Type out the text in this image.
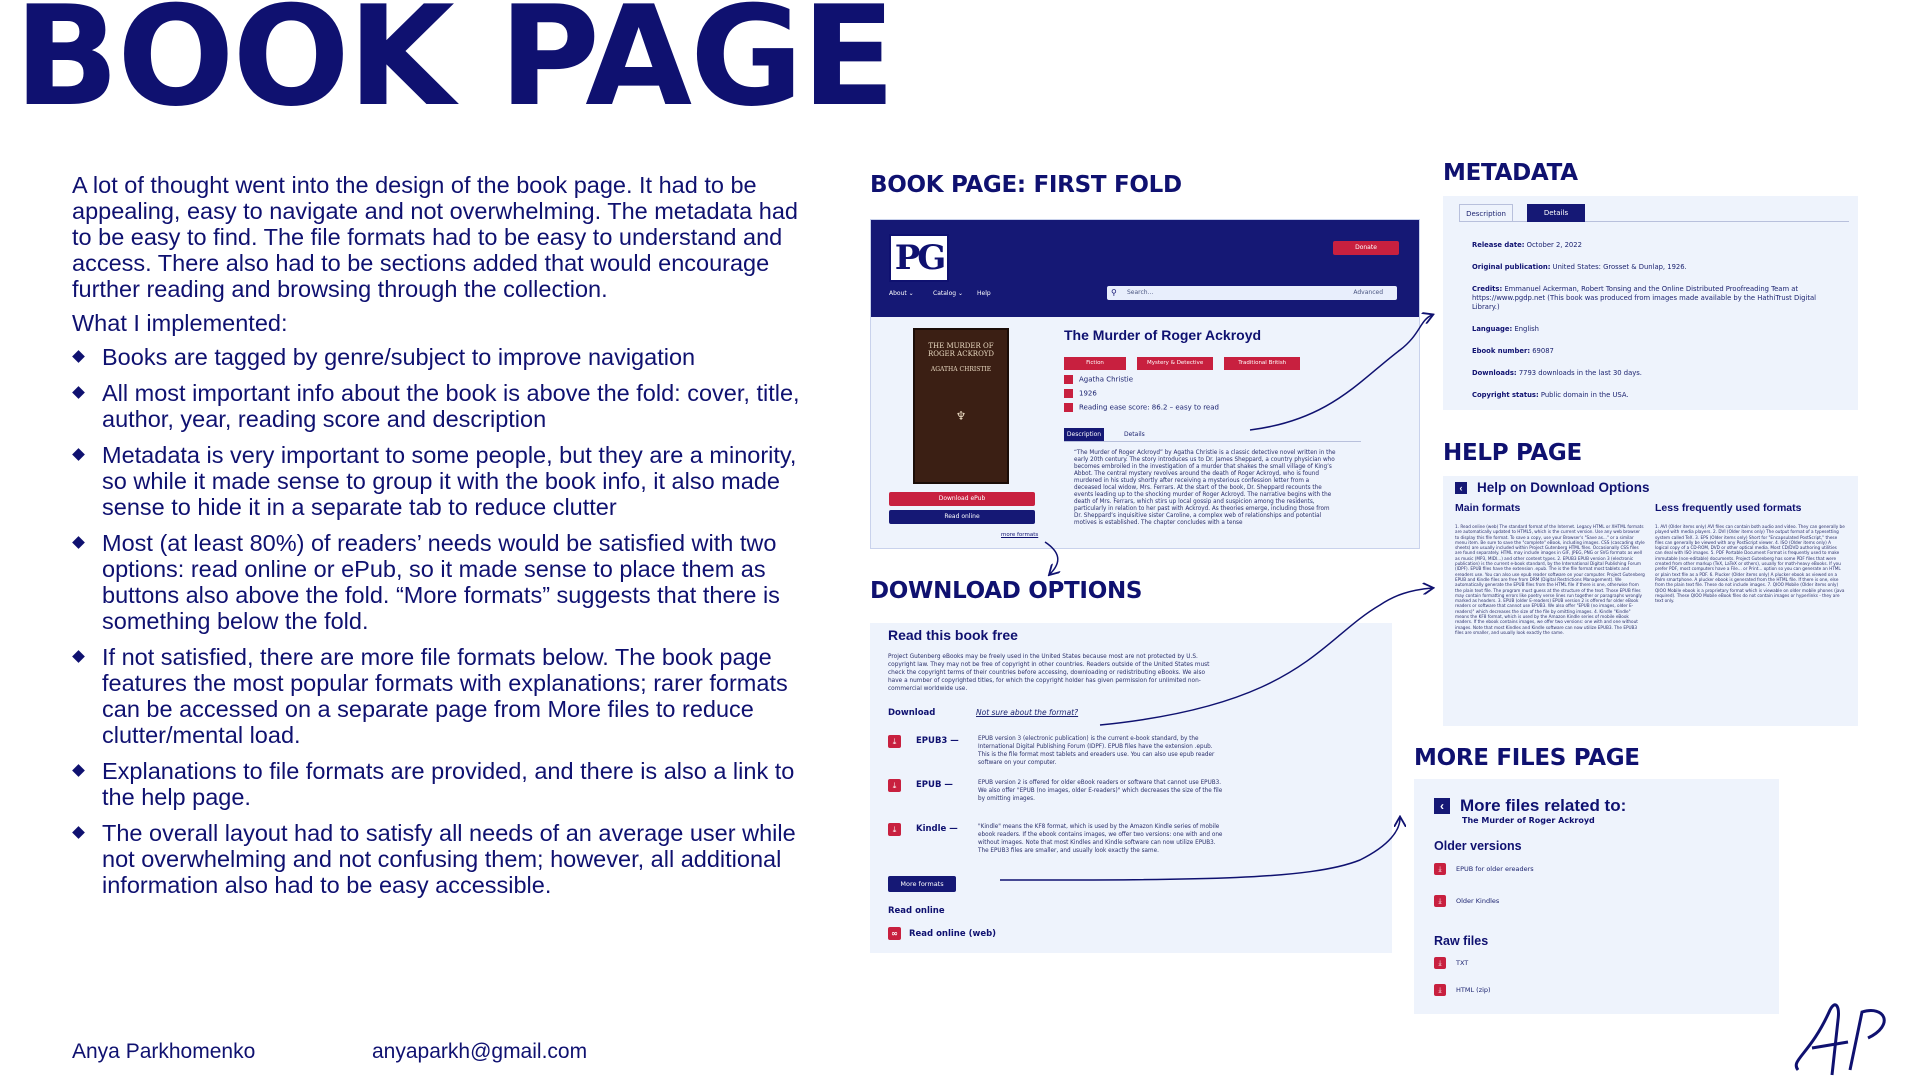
BOOK PAGE

A lot of thought went into the design of the book page. It had to be appealing, easy to navigate and not overwhelming. The metadata had to be easy to find. The file formats had to be easy to understand and access. There also had to be sections added that would encourage further reading and browsing through the collection.

What I implemented:

Books are tagged by genre/subject to improve navigation
All most important info about the book is above the fold: cover, title, author, year, reading score and description
Metadata is very important to some people, but they are a minority, so while it made sense to group it with the book info, it also made sense to hide it in a separate tab to reduce clutter
Most (at least 80%) of readers’ needs would be satisfied with two options: read online or ePub, so it made sense to place them as buttons also above the fold. “More formats” suggests that there is something below the fold.
If not satisfied, there are more file formats below. The book page features the most popular formats with explanations; rarer formats can be accessed on a separate page from More files to reduce clutter/mental load.
Explanations to file formats are provided, and there is also a link to the help page.
The overall layout had to satisfy all needs of an average user while not overwhelming and not confusing them; however, all additional information also had to be easy accessible.
Anya Parkhomenko	anyaparkh@gmail.com
BOOK PAGE: FIRST FOLD	METADATA
HELP PAGE
DOWNLOAD OPTIONS
MORE FILES PAGE
PG
About ⌄	Catalog ⌄ Help
Donate
⚲ Search...	Advanced
THE MURDER OF ROGER ACKROYD
AGATHA CHRISTIE
♆
Download ePub
Read online
more formats
The Murder of Roger Ackroyd
Fiction	Mystery & Detective	Traditional British
Agatha Christie
1926
Reading ease score: 86.2 – easy to read
Description	Details
“The Murder of Roger Ackroyd” by Agatha Christie is a classic detective novel written in the early 20th century. The story introduces us to Dr. James Sheppard, a country physician who becomes embroiled in the investigation of a murder that shakes the small village of King’s Abbot. The central mystery revolves around the death of Roger Ackroyd, who is found murdered in his study shortly after receiving a mysterious confession letter from a deceased local widow, Mrs. Ferrars. At the start of the book, Dr. Sheppard recounts the events leading up to the shocking murder of Roger Ackroyd. The narrative begins with the death of Mrs. Ferrars, which stirs up local gossip and suspicion among the residents, particularly in relation to her past with Ackroyd. As theories emerge, including those from Dr. Sheppard’s inquisitive sister Caroline, a complex web of relationships and potential motives is established. The chapter concludes with a tense
Description	Details
Release date: October 2, 2022
Original publication: United States: Grosset & Dunlap, 1926.
Credits: Emmanuel Ackerman, Robert Tonsing and the Online Distributed Proofreading Team at https://www.pgdp.net (This book was produced from images made available by the HathiTrust Digital Library.)
Language: English
Ebook number: 69087
Downloads: 7793 downloads in the last 30 days.
Copyright status: Public domain in the USA.
‹ Help on Download Options
Main formats	Less frequently used formats
1. Read online (web) The standard format of the Internet. Legacy HTML or XHTML formats are automatically updated to HTML5, which is the current version. Use any web browser to display this file format. To save a copy, use your Browser's "Save as..." or a similar menu item. Be sure to save the "complete" eBook, including images. CSS (cascading style sheets) are usually included within Project Gutenberg HTML files. Occasionally CSS files are found separately. HTML may include images in GIF, JPEG, PNG or SVG formats as well as music (MP3, MIDI...) and other content types. 2. EPUB3 EPUB version 3 (electronic publication) is the current e-book standard, by the International Digital Publishing Forum (IDPF). EPUB files have the extension .epub. The is the file format most tablets and ereaders use. You can also use epub reader software on your computer. Project Gutenberg EPUB and Kindle files are free from DRM (Digital Restrictions Management). We automatically generate the EPUB files from the HTML file if there is one, otherwise from the plain text file. The program must guess at the structure of the text. Those EPUB files may contain formatting errors like poetry verse lines run together or paragraphs wrongly marked as headers. 3. EPUB (older E-readers) EPUB version 2 is offered for older eBook readers or software that cannot use EPUB3. We also offer "EPUB (no images, older E-readers)" which decreases the size of the file by omitting images. 4. Kindle "Kindle" means the KF8 format, which is used by the Amazon Kindle series of mobile eBook readers. If the ebook contains images, we offer two versions: one with and one without images. Note that most Kindles and Kindle software can now utilize EPUB3. The EPUB3 files are smaller, and usually look exactly the same.
1. AVI (Older items only) AVI files can contain both audio and video. They can generally be played with media players. 2. DVI (Older items only) The output format of a typesetting system called TeX. 3. EPS (Older items only) Short for "Encapsulated PostScript," these files can generally be viewed with any PostScript viewer. 4. ISO (Older items only) A logical copy of a CD-ROM, DVD or other optical media. Most CD/DVD authoring utilities can deal with ISO images. 5. PDF Portable Document Format is frequently used to make immutable (non-editable) documents. Project Gutenberg has some PDF files that were created from other markup (TeX, LaTeX or others), usually for math-heavy eBooks. If you prefer PDF, most computers have a File... or Print... option so you can generate an HTML or plain text file as a PDF. 6. Plucker (Older items only) A plucker ebook as viewed on a Palm smartphone. A plucker ebook is generated from the HTML file. If there is one, else from the plain text file. These do not include images. 7. QIOO Mobile (Older items only) QIOO Mobile ebook is a proprietary format which is viewable on older mobile phones (java required). These QIOO Mobile eBook files do not contain images or hyperlinks - they are text only.
Read this book free
Project Gutenberg eBooks may be freely used in the United States because most are not protected by U.S. copyright law. They may not be free of copyright in other countries. Readers outside of the United States must check the copyright terms of their countries before accessing, downloading or redistributing eBooks. We also have a number of copyrighted titles, for which the copyright holder has given permission for unlimited non-commercial worldwide use.
Download	Not sure about the format?
⤓	EPUB3 —	EPUB version 3 (electronic publication) is the current e-book standard, by the International Digital Publishing Forum (IDPF). EPUB files have the extension .epub. This is the file format most tablets and ereaders use. You can also use epub reader software on your computer.
⤓	EPUB —	EPUB version 2 is offered for older eBook readers or software that cannot use EPUB3. We also offer "EPUB (no images, older E-readers)" which decreases the size of the file by omitting images.
⤓	Kindle —	"Kindle" means the KF8 format, which is used by the Amazon Kindle series of mobile ebook readers. If the ebook contains images, we offer two versions: one with and one without images. Note that most Kindles and Kindle software can now utilize EPUB3. The EPUB3 files are smaller, and usually look exactly the same.
More formats
Read online
∞ Read online (web)
‹ More files related to:
The Murder of Roger Ackroyd
Older versions
⤓ EPUB for older ereaders
⤓ Older Kindles
Raw files
⤓ TXT
⤓ HTML (zip)
